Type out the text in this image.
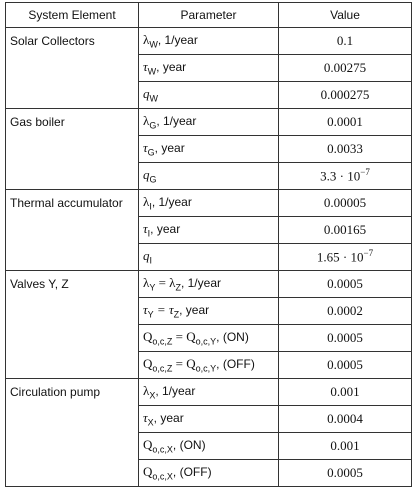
System Element	Parameter	Value
Solar Collectors	$\lambda_W$, 1/year	0.1
	$\tau_W$, year	0.00275
	$q_W$	0.000275
Gas boiler	$\lambda_G$, 1/year	0.0001
	$\tau_G$, year	0.0033
	$q_G$	$3.3 \cdot 10^{-7}$
Thermal accumulator	$\lambda_I$, 1/year	0.00005
	$\tau_I$, year	0.00165
	$q_I$	$1.65 \cdot 10^{-7}$
Valves Y, Z	$\lambda_Y = \lambda_Z$, 1/year	0.0005
	$\tau_Y = \tau_Z$, year	0.0002
	$Q_{o,c,Z} = Q_{o,c,Y}$, (ON)	0.0005
	$Q_{o,c,Z} = Q_{o,c,Y}$, (OFF)	0.0005
Circulation pump	$\lambda_X$, 1/year	0.001
	$\tau_X$, year	0.0004
	$Q_{o,c,X}$, (ON)	0.001
	$Q_{o,c,X}$, (OFF)	0.0005
